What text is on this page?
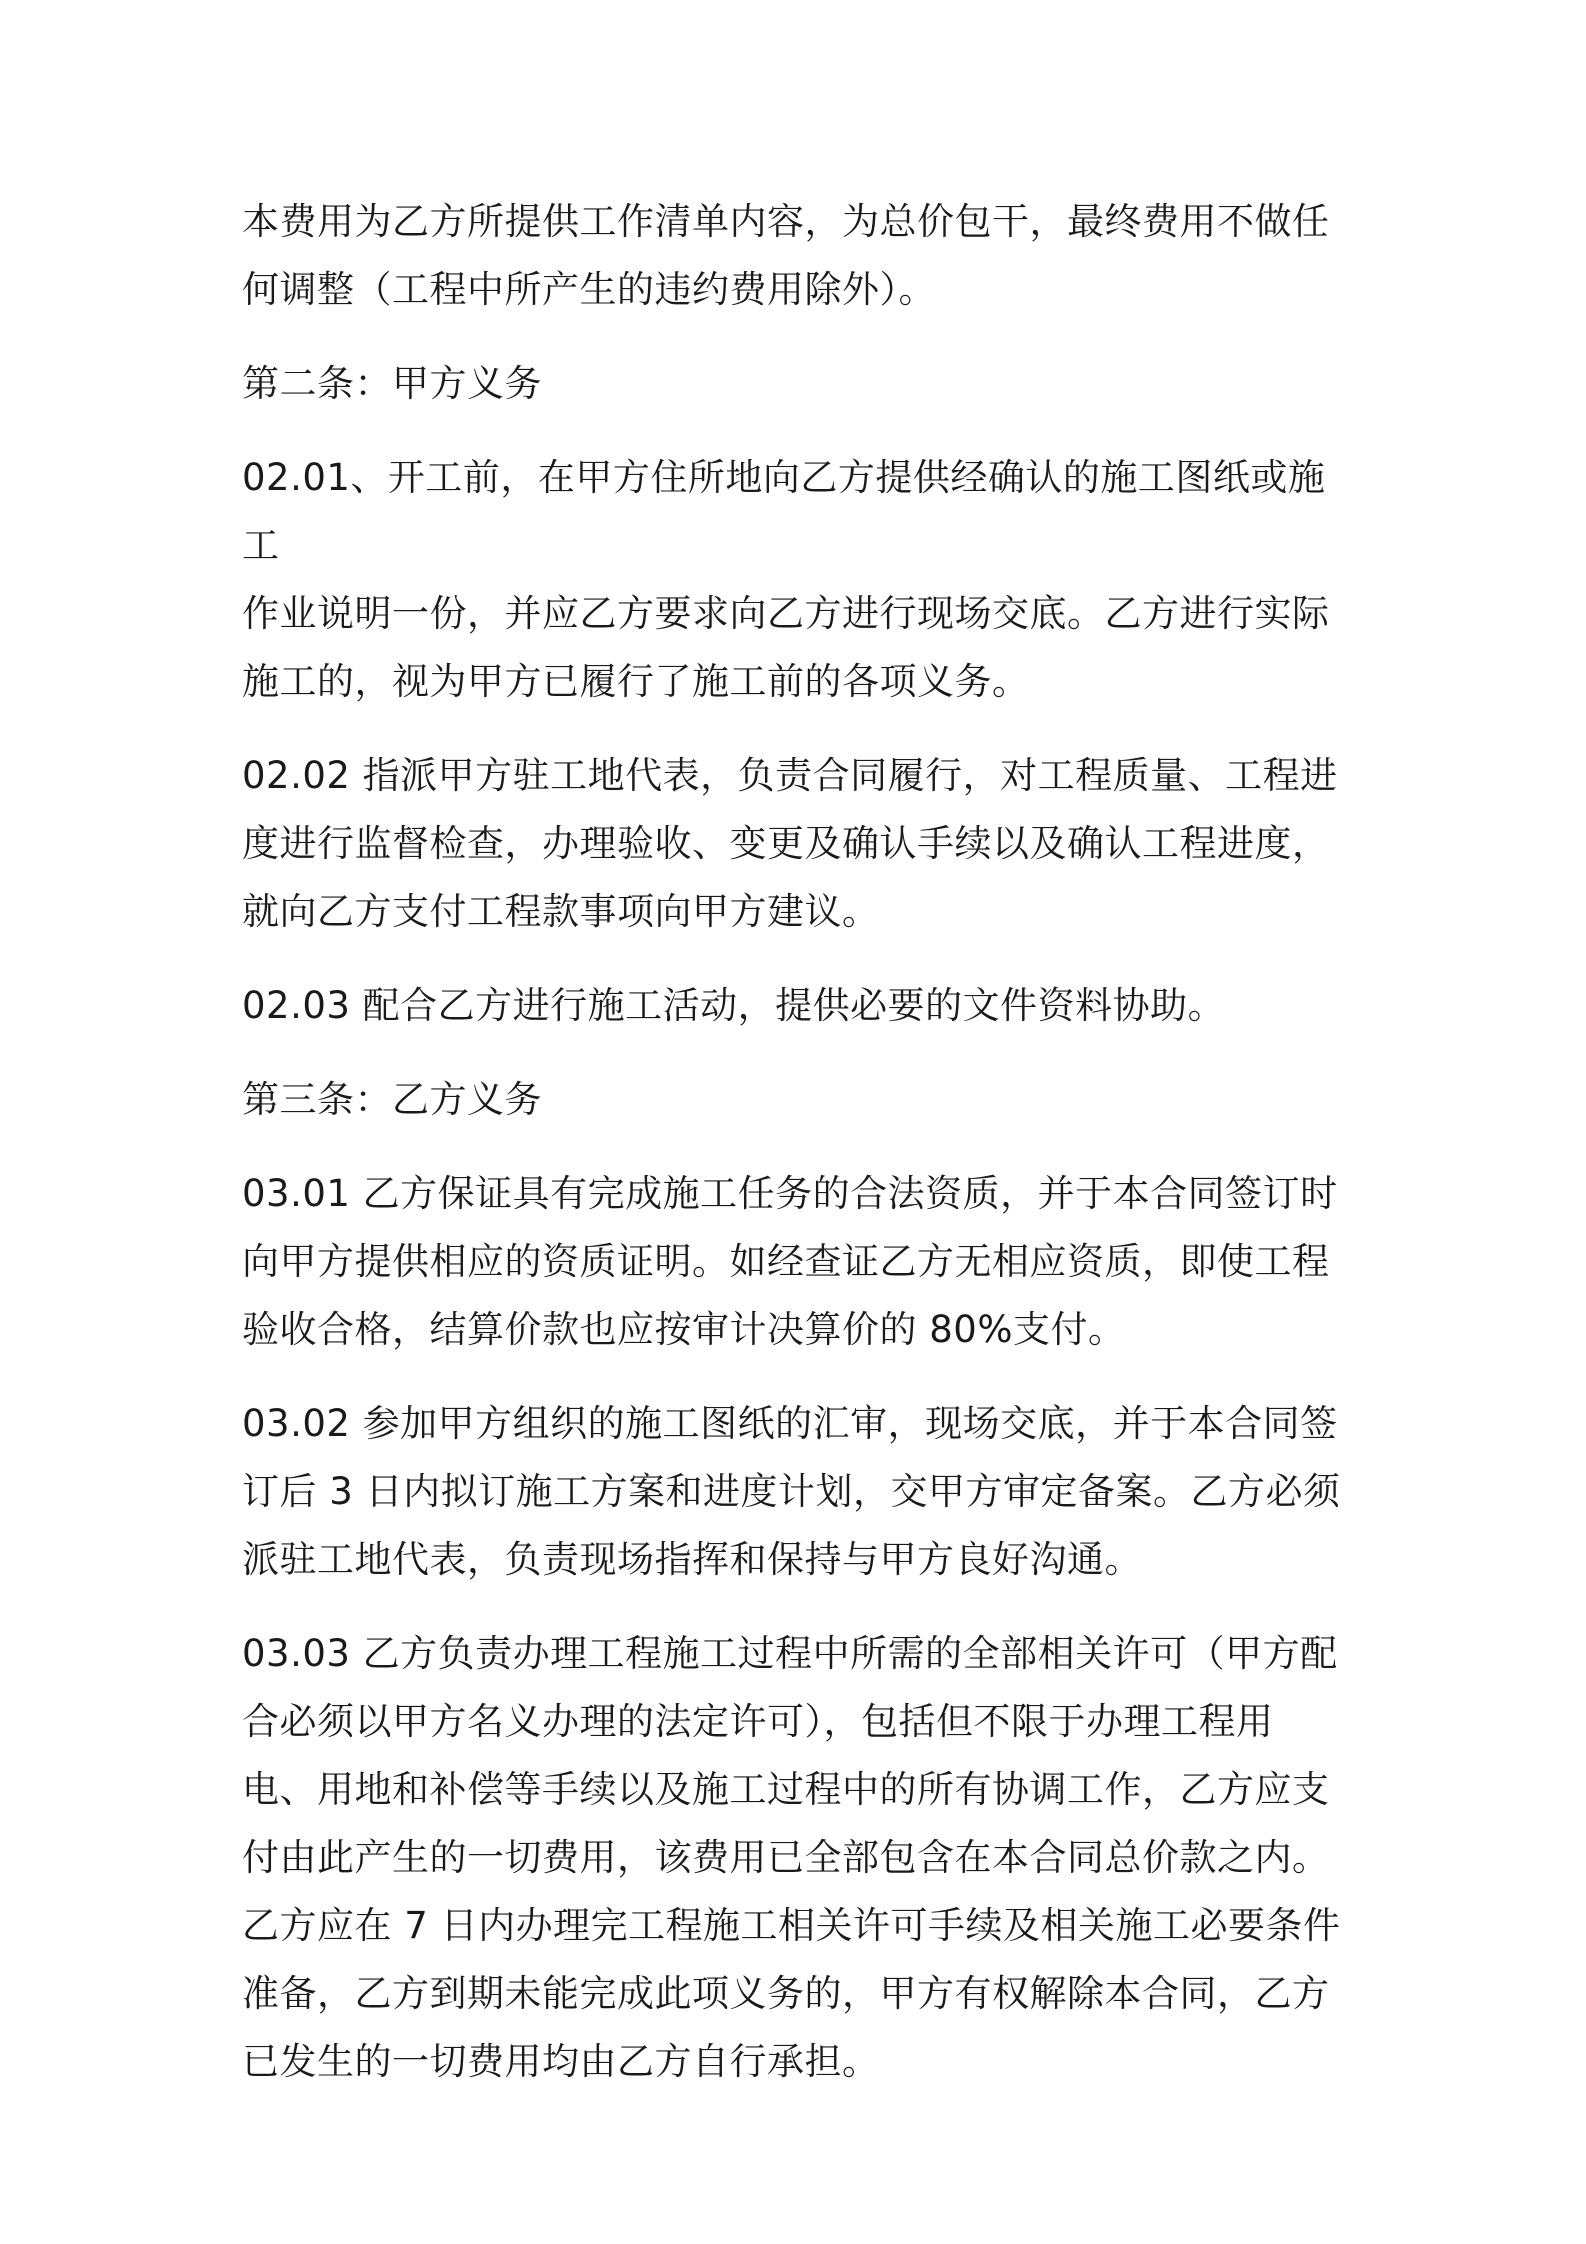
本费用为乙方所提供工作清单内容，为总价包干，最终费用不做任
何调整（工程中所产生的违约费用除外）。

第二条：甲方义务

02.01、开工前，在甲方住所地向乙方提供经确认的施工图纸或施工
作业说明一份，并应乙方要求向乙方进行现场交底。乙方进行实际
施工的，视为甲方已履行了施工前的各项义务。

02.02 指派甲方驻工地代表，负责合同履行，对工程质量、工程进
度进行监督检查，办理验收、变更及确认手续以及确认工程进度，
就向乙方支付工程款事项向甲方建议。

02.03 配合乙方进行施工活动，提供必要的文件资料协助。

第三条：乙方义务

03.01 乙方保证具有完成施工任务的合法资质，并于本合同签订时
向甲方提供相应的资质证明。如经查证乙方无相应资质，即使工程
验收合格，结算价款也应按审计决算价的 80%支付。

03.02 参加甲方组织的施工图纸的汇审，现场交底，并于本合同签
订后 3 日内拟订施工方案和进度计划，交甲方审定备案。乙方必须
派驻工地代表，负责现场指挥和保持与甲方良好沟通。

03.03 乙方负责办理工程施工过程中所需的全部相关许可（甲方配
合必须以甲方名义办理的法定许可），包括但不限于办理工程用
电、用地和补偿等手续以及施工过程中的所有协调工作，乙方应支
付由此产生的一切费用，该费用已全部包含在本合同总价款之内。
乙方应在 7 日内办理完工程施工相关许可手续及相关施工必要条件
准备，乙方到期未能完成此项义务的，甲方有权解除本合同，乙方
已发生的一切费用均由乙方自行承担。
